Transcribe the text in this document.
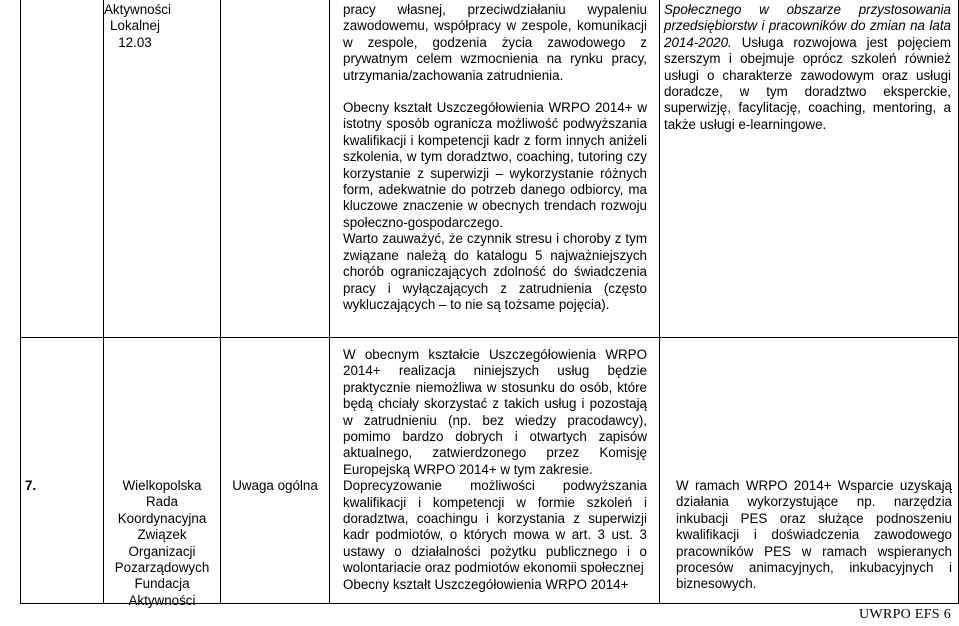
Aktywności
Lokalnej
12.03

pracy własnej, przeciwdziałaniu wypaleniu zawodowemu, współpracy w zespole, komunikacji w zespole, godzenia życia zawodowego z prywatnym celem wzmocnienia na rynku pracy, utrzymania/zachowania zatrudnienia.

Obecny kształt Uszczegółowienia WRPO 2014+ w istotny sposób ogranicza możliwość podwyższania kwalifikacji i kompetencji kadr z form innych aniżeli szkolenia, w tym doradztwo, coaching, tutoring czy korzystanie z superwizji – wykorzystanie różnych form, adekwatnie do potrzeb danego odbiorcy, ma kluczowe znaczenie w obecnych trendach rozwoju społeczno-gospodarczego.

Warto zauważyć, że czynnik stresu i choroby z tym związane należą do katalogu 5 najważniejszych chorób ograniczających zdolność do świadczenia pracy i wyłączających z zatrudnienia (często wykluczających – to nie są tożsame pojęcia).

Społecznego w obszarze przystosowania przedsiębiorstw i pracowników do zmian na lata 2014-2020. Usługa rozwojowa jest pojęciem szerszym i obejmuje oprócz szkoleń również usługi o charakterze zawodowym oraz usługi doradcze, w tym doradztwo eksperckie, superwizję, facylitację, coaching, mentoring, a także usługi e-learningowe.
7.	Wielkopolska
Rada
Koordynacyjna
Związek
Organizacji
Pozarządowych
Fundacja
Aktywności
Uwaga ogólna

W obecnym kształcie Uszczegółowienia WRPO 2014+ realizacja niniejszych usług będzie praktycznie niemożliwa w stosunku do osób, które będą chciały skorzystać z takich usług i pozostają w zatrudnieniu (np. bez wiedzy pracodawcy), pomimo bardzo dobrych i otwartych zapisów aktualnego, zatwierdzonego przez Komisję Europejską WRPO 2014+ w tym zakresie.

Doprecyzowanie możliwości podwyższania kwalifikacji i kompetencji w formie szkoleń i doradztwa, coachingu i korzystania z superwizji kadr podmiotów, o których mowa w art. 3 ust. 3 ustawy o działalności pożytku publicznego i o wolontariacie oraz podmiotów ekonomii społecznej

Obecny kształt Uszczegółowienia WRPO 2014+

W ramach WRPO 2014+ Wsparcie uzyskają działania wykorzystujące np. narzędzia inkubacji PES oraz służące podnoszeniu kwalifikacji i doświadczenia zawodowego pracowników PES w ramach wspieranych procesów animacyjnych, inkubacyjnych i biznesowych.
UWRPO EFS 6
